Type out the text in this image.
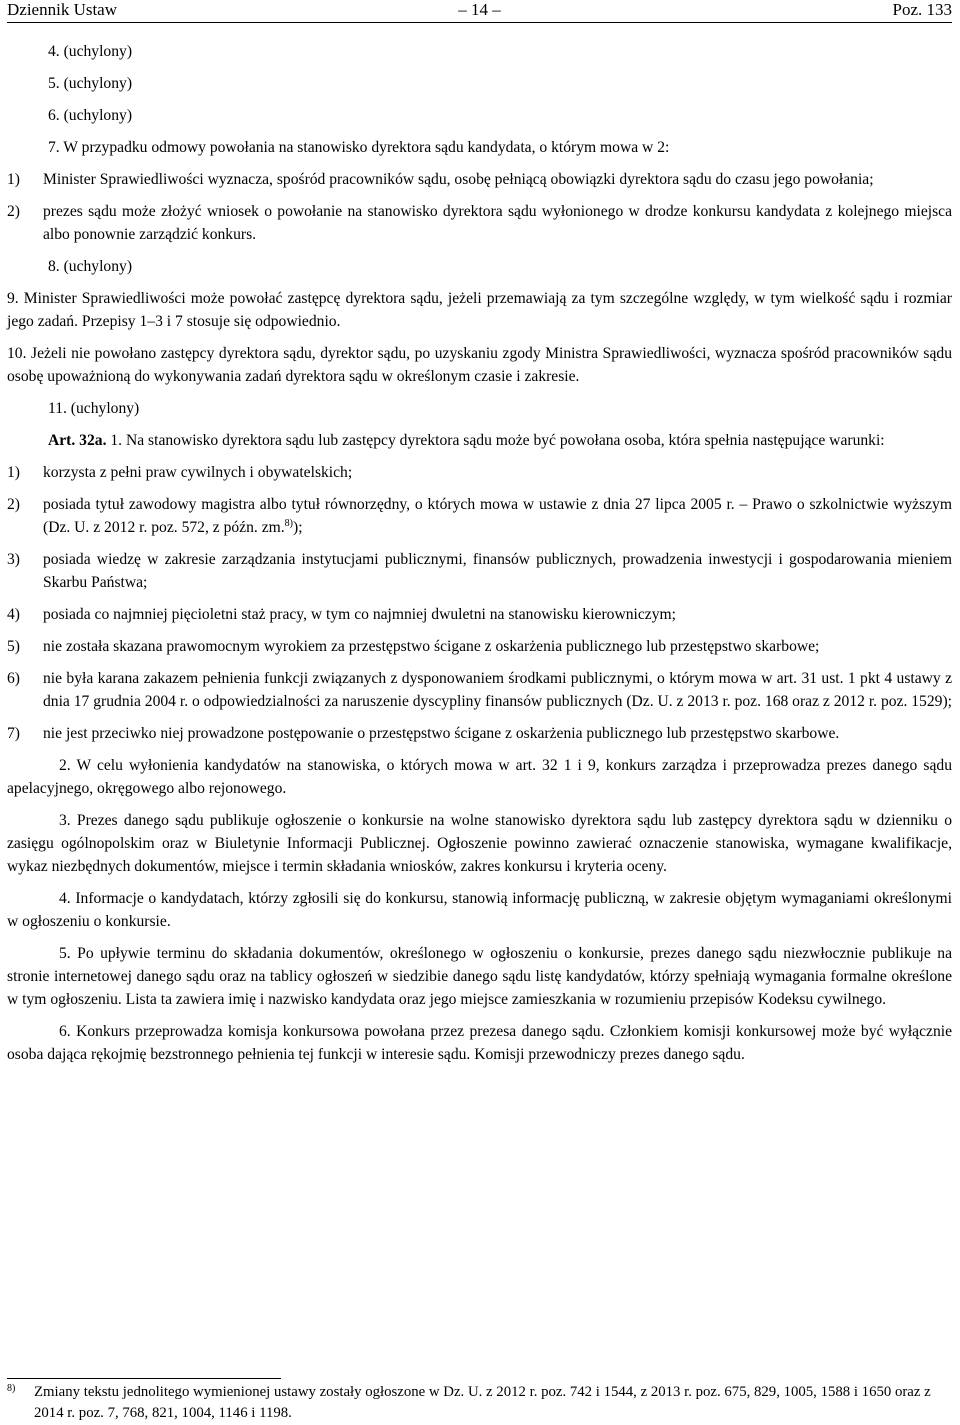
Dziennik Ustaw	– 14 –	Poz. 133

4. (uchylony)

5. (uchylony)

6. (uchylony)

7. W przypadku odmowy powołania na stanowisko dyrektora sądu kandydata, o którym mowa w 2:

1)	Minister Sprawiedliwości wyznacza, spośród pracowników sądu, osobę pełniącą obowiązki dyrektora sądu do czasu jego powołania;
2)	prezes sądu może złożyć wniosek o powołanie na stanowisko dyrektora sądu wyłonionego w drodze konkursu kandydata z kolejnego miejsca albo ponownie zarządzić konkurs.

8. (uchylony)

9. Minister Sprawiedliwości może powołać zastępcę dyrektora sądu, jeżeli przemawiają za tym szczególne względy, w tym wielkość sądu i rozmiar jego zadań. Przepisy 1–3 i 7 stosuje się odpowiednio.

10. Jeżeli nie powołano zastępcy dyrektora sądu, dyrektor sądu, po uzyskaniu zgody Ministra Sprawiedliwości, wyznacza spośród pracowników sądu osobę upoważnioną do wykonywania zadań dyrektora sądu w określonym czasie i zakresie.

11. (uchylony)

Art. 32a. 1. Na stanowisko dyrektora sądu lub zastępcy dyrektora sądu może być powołana osoba, która spełnia następujące warunki:

1)	korzysta z pełni praw cywilnych i obywatelskich;
2)	posiada tytuł zawodowy magistra albo tytuł równorzędny, o których mowa w ustawie z dnia 27 lipca 2005 r. – Prawo o szkolnictwie wyższym (Dz. U. z 2012 r. poz. 572, z późn. zm.$^{8)}$);
3)	posiada wiedzę w zakresie zarządzania instytucjami publicznymi, finansów publicznych, prowadzenia inwestycji i gospodarowania mieniem Skarbu Państwa;
4)	posiada co najmniej pięcioletni staż pracy, w tym co najmniej dwuletni na stanowisku kierowniczym;
5)	nie została skazana prawomocnym wyrokiem za przestępstwo ścigane z oskarżenia publicznego lub przestępstwo skarbowe;
6)	nie była karana zakazem pełnienia funkcji związanych z dysponowaniem środkami publicznymi, o którym mowa w art. 31 ust. 1 pkt 4 ustawy z dnia 17 grudnia 2004 r. o odpowiedzialności za naruszenie dyscypliny finansów publicznych (Dz. U. z 2013 r. poz. 168 oraz z 2012 r. poz. 1529);
7)	nie jest przeciwko niej prowadzone postępowanie o przestępstwo ścigane z oskarżenia publicznego lub przestępstwo skarbowe.

2. W celu wyłonienia kandydatów na stanowiska, o których mowa w art. 32 1 i 9, konkurs zarządza i przeprowadza prezes danego sądu apelacyjnego, okręgowego albo rejonowego.

3. Prezes danego sądu publikuje ogłoszenie o konkursie na wolne stanowisko dyrektora sądu lub zastępcy dyrektora sądu w dzienniku o zasięgu ogólnopolskim oraz w Biuletynie Informacji Publicznej. Ogłoszenie powinno zawierać oznaczenie stanowiska, wymagane kwalifikacje, wykaz niezbędnych dokumentów, miejsce i termin składania wniosków, zakres konkursu i kryteria oceny.

4. Informacje o kandydatach, którzy zgłosili się do konkursu, stanowią informację publiczną, w zakresie objętym wymaganiami określonymi w ogłoszeniu o konkursie.

5. Po upływie terminu do składania dokumentów, określonego w ogłoszeniu o konkursie, prezes danego sądu niezwłocznie publikuje na stronie internetowej danego sądu oraz na tablicy ogłoszeń w siedzibie danego sądu listę kandydatów, którzy spełniają wymagania formalne określone w tym ogłoszeniu. Lista ta zawiera imię i nazwisko kandydata oraz jego miejsce zamieszkania w rozumieniu przepisów Kodeksu cywilnego.

6. Konkurs przeprowadza komisja konkursowa powołana przez prezesa danego sądu. Członkiem komisji konkursowej może być wyłącznie osoba dająca rękojmię bezstronnego pełnienia tej funkcji w interesie sądu. Komisji przewodniczy prezes danego sądu.

8)	Zmiany tekstu jednolitego wymienionej ustawy zostały ogłoszone w Dz. U. z 2012 r. poz. 742 i 1544, z 2013 r. poz. 675, 829, 1005, 1588 i 1650 oraz z 2014 r. poz. 7, 768, 821, 1004, 1146 i 1198.
